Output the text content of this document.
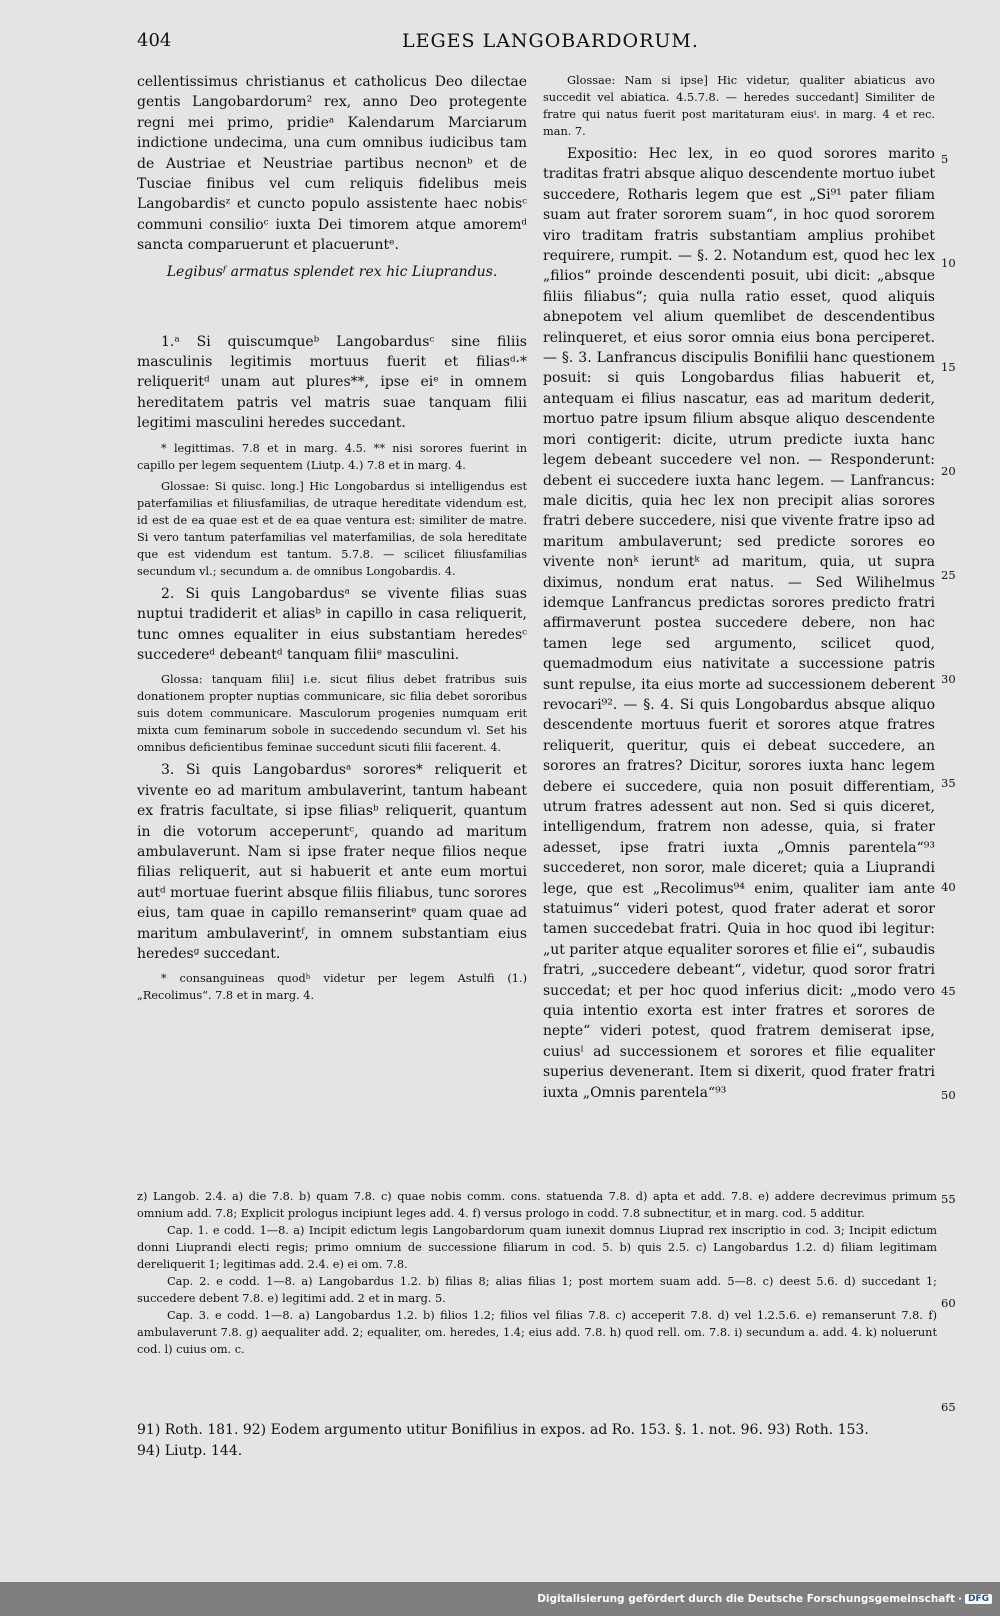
404	LEGES LANGOBARDORUM.

cellentissimus christianus et catholicus Deo dilectae gentis Langobardorum² rex, anno Deo protegente regni mei primo, pridieᵃ Kalendarum Marciarum indictione undecima, una cum omnibus iudicibus tam de Austriae et Neustriae partibus necnonᵇ et de Tusciae finibus vel cum reliquis fidelibus meis Langobardisᶻ et cuncto populo assistente haec nobisᶜ communi consilioᶜ iuxta Dei timorem atque amoremᵈ sancta comparuerunt et placueruntᵉ.

Legibusᶠ armatus splendet rex hic Liuprandus.

1.ᵃ Si quiscumqueᵇ Langobardusᶜ sine filiis masculinis legitimis mortuus fuerit et filiasᵈ·* reliqueritᵈ unam aut plures**, ipse eiᵉ in omnem hereditatem patris vel matris suae tanquam filii legitimi masculini heredes succedant.

* legittimas. 7.8 et in marg. 4.5. ** nisi sorores fuerint in capillo per legem sequentem (Liutp. 4.) 7.8 et in marg. 4.

Glossae: Si quisc. long.] Hic Longobardus si intelligendus est paterfamilias et filiusfamilias, de utraque hereditate videndum est, id est de ea quae est et de ea quae ventura est: similiter de matre. Si vero tantum paterfamilias vel materfamilias, de sola hereditate que est videndum est tantum. 5.7.8. — scilicet filiusfamilias secundum vl.; secundum a. de omnibus Longobardis. 4.

2. Si quis Langobardusᵃ se vivente filias suas nuptui tradiderit et aliasᵇ in capillo in casa reliquerit, tunc omnes equaliter in eius substantiam heredesᶜ succedereᵈ debeantᵈ tanquam filiiᵉ masculini.

Glossa: tanquam filii] i.e. sicut filius debet fratribus suis donationem propter nuptias communicare, sic filia debet sororibus suis dotem communicare. Masculorum progenies numquam erit mixta cum feminarum sobole in succedendo secundum vl. Set his omnibus deficientibus feminae succedunt sicuti filii facerent. 4.

3. Si quis Langobardusᵃ sorores* reliquerit et vivente eo ad maritum ambulaverint, tantum habeant ex fratris facultate, si ipse filiasᵇ reliquerit, quantum in die votorum acceperuntᶜ, quando ad maritum ambulaverunt. Nam si ipse frater neque filios neque filias reliquerit, aut si habuerit et ante eum mortui autᵈ mortuae fuerint absque filiis filiabus, tunc sorores eius, tam quae in capillo remanserintᵉ quam quae ad maritum ambulaverintᶠ, in omnem substantiam eius heredesᵍ succedant.

* consanguineas quodʰ videtur per legem Astulfi (1.) „Recolimus“. 7.8 et in marg. 4.

Glossae: Nam si ipse] Hic videtur, qualiter abiaticus avo succedit vel abiatica. 4.5.7.8. — heredes succedant] Similiter de fratre qui natus fuerit post maritaturam eiusⁱ. in marg. 4 et rec. man. 7.

Expositio: Hec lex, in eo quod sorores marito traditas fratri absque aliquo descendente mortuo iubet succedere, Rotharis legem que est „Si⁹¹ pater filiam suam aut frater sororem suam“, in hoc quod sororem viro traditam fratris substantiam amplius prohibet requirere, rumpit. — §. 2. Notandum est, quod hec lex „filios“ proinde descendenti posuit, ubi dicit: „absque filiis filiabus“; quia nulla ratio esset, quod aliquis abnepotem vel alium quemlibet de descendentibus relinqueret, et eius soror omnia eius bona perciperet. — §. 3. Lanfrancus discipulis Bonifilii hanc questionem posuit: si quis Longobardus filias habuerit et, antequam ei filius nascatur, eas ad maritum dederit, mortuo patre ipsum filium absque aliquo descendente mori contigerit: dicite, utrum predicte iuxta hanc legem debeant succedere vel non. — Responderunt: debent ei succedere iuxta hanc legem. — Lanfrancus: male dicitis, quia hec lex non precipit alias sorores fratri debere succedere, nisi que vivente fratre ipso ad maritum ambulaverunt; sed predicte sorores eo vivente nonᵏ ieruntᵏ ad maritum, quia, ut supra diximus, nondum erat natus. — Sed Wilihelmus idemque Lanfrancus predictas sorores predicto fratri affirmaverunt postea succedere debere, non hac tamen lege sed argumento, scilicet quod, quemadmodum eius nativitate a successione patris sunt repulse, ita eius morte ad successionem deberent revocari⁹². — §. 4. Si quis Longobardus absque aliquo descendente mortuus fuerit et sorores atque fratres reliquerit, queritur, quis ei debeat succedere, an sorores an fratres? Dicitur, sorores iuxta hanc legem debere ei succedere, quia non posuit differentiam, utrum fratres adessent aut non. Sed si quis diceret, intelligendum, fratrem non adesse, quia, si frater adesset, ipse fratri iuxta „Omnis parentela“⁹³ succederet, non soror, male diceret; quia a Liuprandi lege, que est „Recolimus⁹⁴ enim, qualiter iam ante statuimus“ videri potest, quod frater aderat et soror tamen succedebat fratri. Quia in hoc quod ibi legitur: „ut pariter atque equaliter sorores et filie ei“, subaudis fratri, „succedere debeant“, videtur, quod soror fratri succedat; et per hoc quod inferius dicit: „modo vero quia intentio exorta est inter fratres et sorores de nepte“ videri potest, quod fratrem demiserat ipse, cuiusˡ ad successionem et sorores et filie equaliter superius devenerant. Item si dixerit, quod frater fratri iuxta „Omnis parentela“⁹³

5
10
15
20
25
30
35
40
45
50
55
60
65

z) Langob. 2.4. a) die 7.8. b) quam 7.8. c) quae nobis comm. cons. statuenda 7.8. d) apta et add. 7.8. e) addere decrevimus primum omnium add. 7.8; Explicit prologus incipiunt leges add. 4. f) versus prologo in codd. 7.8 subnectitur, et in marg. cod. 5 additur.

Cap. 1. e codd. 1—8. a) Incipit edictum legis Langobardorum quam iunexit domnus Liuprad rex inscriptio in cod. 3; Incipit edictum donni Liuprandi electi regis; primo omnium de successione filiarum in cod. 5. b) quis 2.5. c) Langobardus 1.2. d) filiam legitimam dereliquerit 1; legitimas add. 2.4. e) ei om. 7.8.

Cap. 2. e codd. 1—8. a) Langobardus 1.2. b) filias 8; alias filias 1; post mortem suam add. 5—8. c) deest 5.6. d) succedant 1; succedere debent 7.8. e) legitimi add. 2 et in marg. 5.

Cap. 3. e codd. 1—8. a) Langobardus 1.2. b) filios 1.2; filios vel filias 7.8. c) acceperit 7.8. d) vel 1.2.5.6. e) remanserunt 7.8. f) ambulaverunt 7.8. g) aequaliter add. 2; equaliter, om. heredes, 1.4; eius add. 7.8. h) quod rell. om. 7.8. i) secundum a. add. 4. k) noluerunt cod. l) cuius om. c.

91) Roth. 181. 92) Eodem argumento utitur Bonifilius in expos. ad Ro. 153. §. 1. not. 96. 93) Roth. 153.

94) Liutp. 144.

Digitalisierung gefördert durch die Deutsche Forschungsgemeinschaft · DFG
